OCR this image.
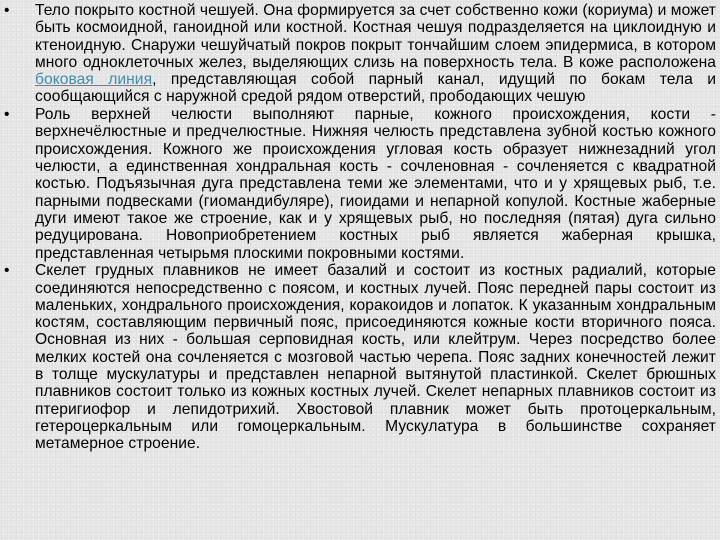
•	Тело покрыто костной чешуей. Она формируется за счет собственно кожи (кориума) и может быть космоидной, ганоидной или костной. Костная чешуя подразделяется на циклоидную и ктеноидную. Снаружи чешуйчатый покров покрыт тончайшим слоем эпидермиса, в котором много одноклеточных желез, выделяющих слизь на поверхность тела. В коже расположена боковая линия, представляющая собой парный канал, идущий по бокам тела и сообщающийся с наружной средой рядом отверстий, прободающих чешую
•	Роль верхней челюсти выполняют парные, кожного происхождения, кости - верхнечёлюстные и предчелюстные. Нижняя челюсть представлена зубной костью кожного происхождения. Кожного же происхождения угловая кость образует нижнезадний угол челюсти, а единственная хондральная кость - сочленовная - сочленяется с квадратной костью. Подъязычная дуга представлена теми же элементами, что и у хрящевых рыб, т.е. парными подвесками (гиомандибуляре), гиоидами и непарной копулой. Костные жаберные дуги имеют такое же строение, как и у хрящевых рыб, но последняя (пятая) дуга сильно редуцирована. Новоприобретением костных рыб является жаберная крышка, представленная четырьмя плоскими покровными костями.
•	Скелет грудных плавников не имеет базалий и состоит из костных радиалий, которые соединяются непосредственно с поясом, и костных лучей. Пояс передней пары состоит из маленьких, хондрального происхождения, коракоидов и лопаток. К указанным хондральным костям, составляющим первичный пояс, присоединяются кожные кости вторичного пояса. Основная из них - большая серповидная кость, или клейтрум. Через посредство более мелких костей она сочленяется с мозговой частью черепа. Пояс задних конечностей лежит в толще мускулатуры и представлен непарной вытянутой пластинкой. Скелет брюшных плавников состоит только из кожных костных лучей. Скелет непарных плавников состоит из птеригиофор и лепидотрихий. Хвостовой плавник может быть протоцеркальным, гетероцеркальным или гомоцеркальным. Мускулатура в большинстве сохраняет метамерное строение.
